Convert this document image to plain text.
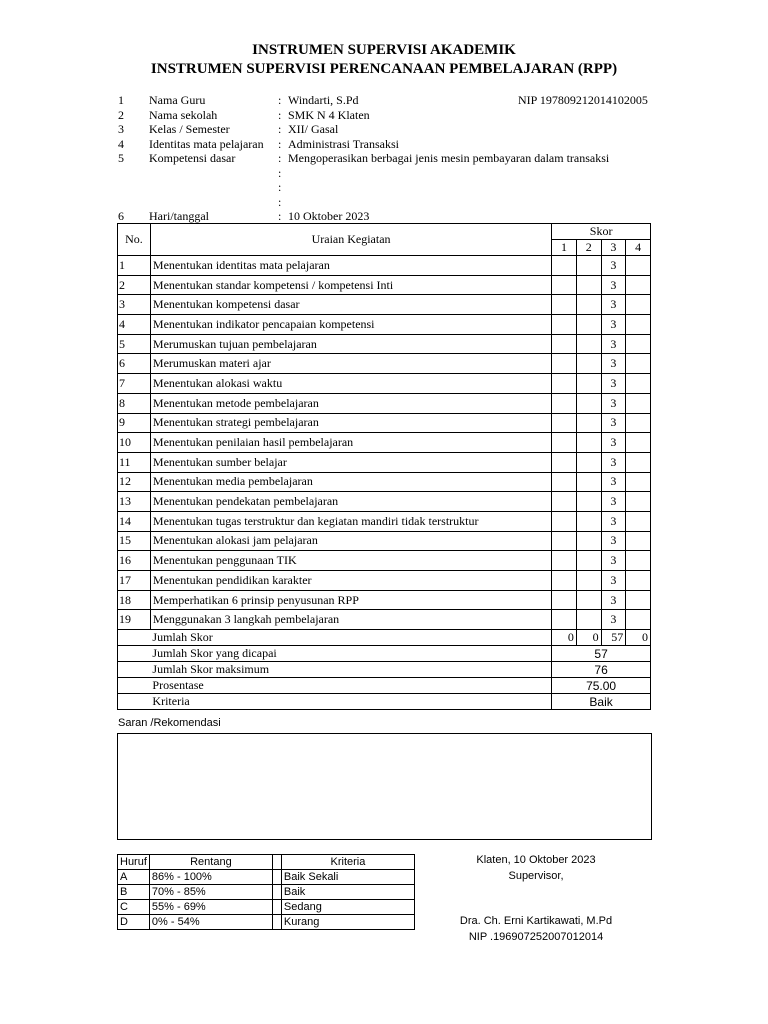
INSTRUMEN SUPERVISI AKADEMIK
INSTRUMEN SUPERVISI PERENCANAAN PEMBELAJARAN (RPP)
1 Nama Guru	: Windarti, S.Pd	NIP 197809212014102005
2 Nama sekolah	: SMK N 4 Klaten
3 Kelas / Semester	: XII/ Gasal
4 Identitas mata pelajaran : Administrasi Transaksi
5 Kompetensi dasar	: Mengoperasikan berbagai jenis mesin pembayaran dalam transaksi
:
:
:
6 Hari/tanggal	: 10 Oktober 2023
No.	Uraian Kegiatan	Skor			
		1	2	3	4
1	Menentukan identitas mata pelajaran			3	
2	Menentukan standar kompetensi / kompetensi Inti			3	
3	Menentukan kompetensi dasar			3	
4	Menentukan indikator pencapaian kompetensi			3	
5	Merumuskan tujuan pembelajaran			3	
6	Merumuskan materi ajar			3	
7	Menentukan alokasi waktu			3	
8	Menentukan metode pembelajaran			3	
9	Menentukan strategi pembelajaran			3	
10	Menentukan penilaian hasil pembelajaran			3	
11	Menentukan sumber belajar			3	
12	Menentukan media pembelajaran			3	
13	Menentukan pendekatan pembelajaran			3	
14	Menentukan tugas terstruktur dan kegiatan mandiri tidak terstruktur			3	
15	Menentukan alokasi jam pelajaran			3	
16	Menentukan penggunaan TIK			3	
17	Menentukan pendidikan karakter			3	
18	Memperhatikan 6 prinsip penyusunan RPP			3	
19	Menggunakan 3 langkah pembelajaran			3	
	Jumlah Skor	0	0	57	0
	Jumlah Skor yang dicapai	57			
	Jumlah Skor maksimum	76			
	Prosentase	75.00			
	Kriteria	Baik			
Saran /Rekomendasi
Huruf	Rentang		Kriteria
A	86% - 100%		Baik Sekali
B	70% - 85%		Baik
C	55% - 69%		Sedang
D	0% - 54%		Kurang
Klaten, 10 Oktober 2023
Supervisor,
Dra. Ch. Erni Kartikawati, M.Pd
NIP .196907252007012014
